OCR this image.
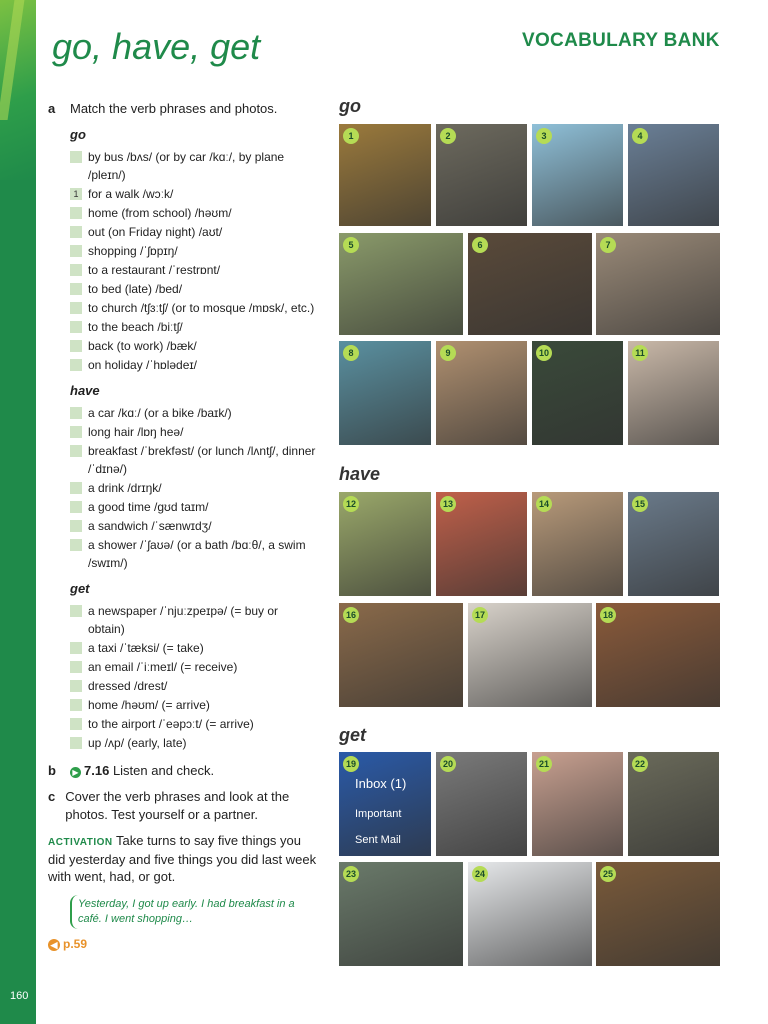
160
go, have, get	VOCABULARY BANK
a	Match the verb phrases and photos.
go
by bus /bʌs/ (or by car /kɑː/, by plane /pleɪn/)
1 for a walk /wɔːk/
home (from school) /həʊm/
out (on Friday night) /aʊt/
shopping /ˈʃɒpɪŋ/
to a restaurant /ˈrestrɒnt/
to bed (late) /bed/
to church /tʃɜːtʃ/ (or to mosque /mɒsk/, etc.)
to the beach /biːtʃ/
back (to work) /bæk/
on holiday /ˈhɒlədeɪ/
have
a car /kɑː/ (or a bike /baɪk/)
long hair /lɒŋ heə/
breakfast /ˈbrekfəst/ (or lunch /lʌntʃ/, dinner /ˈdɪnə/)
a drink /drɪŋk/
a good time /gʊd taɪm/
a sandwich /ˈsænwɪdʒ/
a shower /ˈʃaʊə/ (or a bath /bɑːθ/, a swim /swɪm/)
get
a newspaper /ˈnjuːzpeɪpə/ (= buy or obtain)
a taxi /ˈtæksi/ (= take)
an email /ˈiːmeɪl/ (= receive)
dressed /drest/
home /həʊm/ (= arrive)
to the airport /ˈeəpɔːt/ (= arrive)
up /ʌp/ (early, late)
b	▶ 7.16 Listen and check.
c Cover the verb phrases and look at the photos. Test yourself or a partner.
ACTIVATION Take turns to say five things you did yesterday and five things you did last week with went, had, or got.
Yesterday, I got up early. I had breakfast in a café. I went shopping…
◀ p.59
go
have
get
1	2	3	4
5	6	7
8	9	10	11
12	13	14	15
16	17	18
19
Inbox (1)
Important
Sent Mail
20	21	22
23	24	25
